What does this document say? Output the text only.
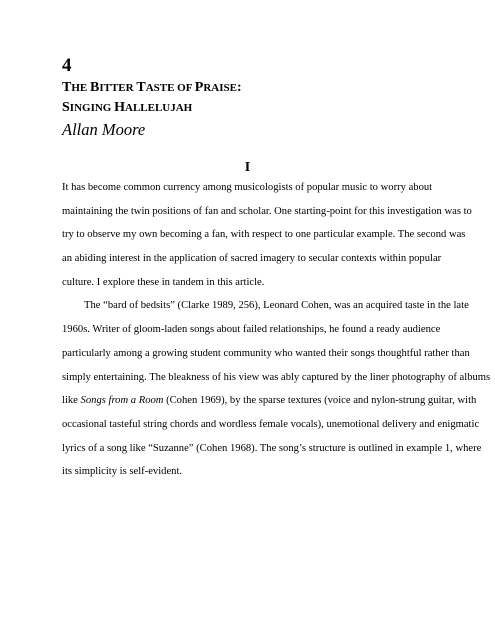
4
THE BITTER TASTE OF PRAISE:
SINGING HALLELUJAH
Allan Moore
I
It has become common currency among musicologists of popular music to worry about
maintaining the twin positions of fan and scholar. One starting-point for this investigation was to
try to observe my own becoming a fan, with respect to one particular example. The second was
an abiding interest in the application of sacred imagery to secular contexts within popular
culture. I explore these in tandem in this article.
The “bard of bedsits” (Clarke 1989, 256), Leonard Cohen, was an acquired taste in the late
1960s. Writer of gloom-laden songs about failed relationships, he found a ready audience
particularly among a growing student community who wanted their songs thoughtful rather than
simply entertaining. The bleakness of his view was ably captured by the liner photography of albums
like Songs from a Room (Cohen 1969), by the sparse textures (voice and nylon-strung guitar, with
occasional tasteful string chords and wordless female vocals), unemotional delivery and enigmatic
lyrics of a song like “Suzanne” (Cohen 1968). The song’s structure is outlined in example 1, where
its simplicity is self-evident.
